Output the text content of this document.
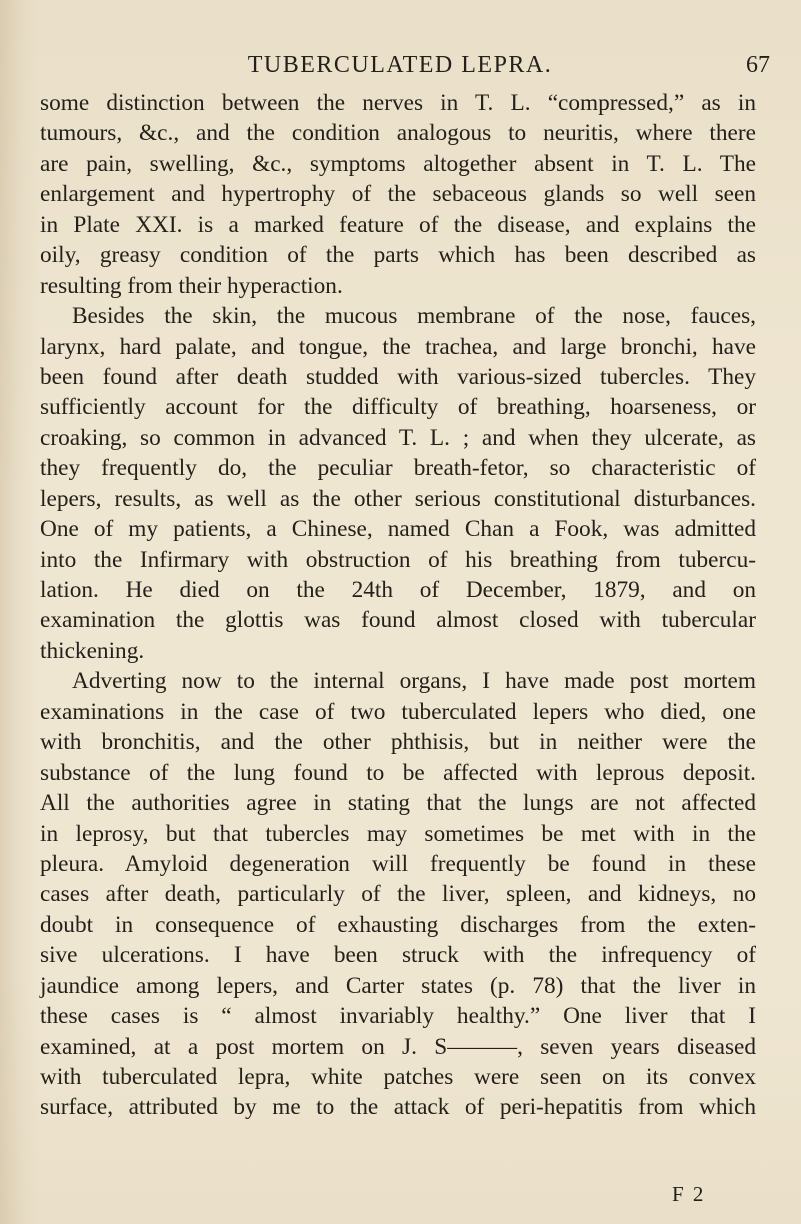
TUBERCULATED LEPRA.	67
some distinction between the nerves in T. L. “compressed,” as in
tumours, &c., and the condition analogous to neuritis, where there
are pain, swelling, &c., symptoms altogether absent in T. L. The
enlargement and hypertrophy of the sebaceous glands so well seen
in Plate XXI. is a marked feature of the disease, and explains the
oily, greasy condition of the parts which has been described as
resulting from their hyperaction.
Besides the skin, the mucous membrane of the nose, fauces,
larynx, hard palate, and tongue, the trachea, and large bronchi, have
been found after death studded with various-sized tubercles. They
sufficiently account for the difficulty of breathing, hoarseness, or
croaking, so common in advanced T. L. ; and when they ulcerate, as
they frequently do, the peculiar breath-fetor, so characteristic of
lepers, results, as well as the other serious constitutional disturbances.
One of my patients, a Chinese, named Chan a Fook, was admitted
into the Infirmary with obstruction of his breathing from tubercu-
lation. He died on the 24th of December, 1879, and on
examination the glottis was found almost closed with tubercular
thickening.
Adverting now to the internal organs, I have made post mortem
examinations in the case of two tuberculated lepers who died, one
with bronchitis, and the other phthisis, but in neither were the
substance of the lung found to be affected with leprous deposit.
All the authorities agree in stating that the lungs are not affected
in leprosy, but that tubercles may sometimes be met with in the
pleura. Amyloid degeneration will frequently be found in these
cases after death, particularly of the liver, spleen, and kidneys, no
doubt in consequence of exhausting discharges from the exten-
sive ulcerations. I have been struck with the infrequency of
jaundice among lepers, and Carter states (p. 78) that the liver in
these cases is “ almost invariably healthy.” One liver that I
examined, at a post mortem on J. S———, seven years diseased
with tuberculated lepra, white patches were seen on its convex
surface, attributed by me to the attack of peri-hepatitis from which
F 2
